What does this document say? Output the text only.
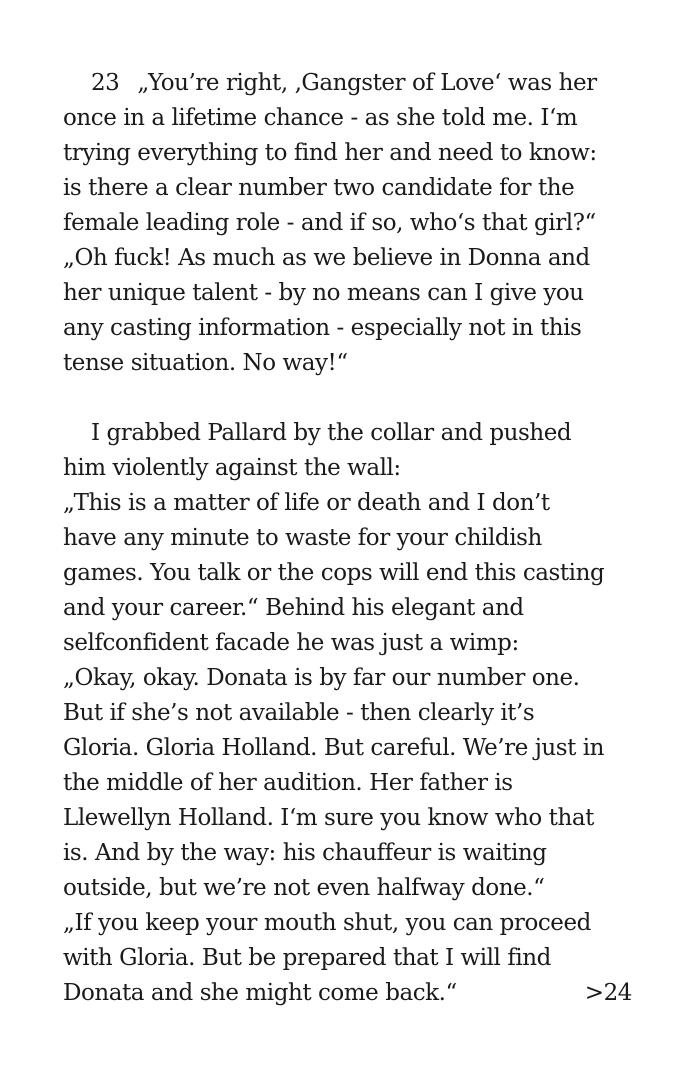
23 „You’re right, ‚Gangster of Love‘ was her
once in a lifetime chance - as she told me. I‘m
trying everything to find her and need to know:
is there a clear number two candidate for the
female leading role - and if so, who‘s that girl?“
„Oh fuck! As much as we believe in Donna and
her unique talent - by no means can I give you
any casting information - especially not in this
tense situation. No way!“
I grabbed Pallard by the collar and pushed
him violently against the wall:
„This is a matter of life or death and I don’t
have any minute to waste for your childish
games. You talk or the cops will end this casting
and your career.“ Behind his elegant and
selfconfident facade he was just a wimp:
„Okay, okay. Donata is by far our number one.
But if she’s not available - then clearly it’s
Gloria. Gloria Holland. But careful. We’re just in
the middle of her audition. Her father is
Llewellyn Holland. I‘m sure you know who that
is. And by the way: his chauffeur is waiting
outside, but we’re not even halfway done.“
„If you keep your mouth shut, you can proceed
with Gloria. But be prepared that I will find
Donata and she might come back.“	>24
